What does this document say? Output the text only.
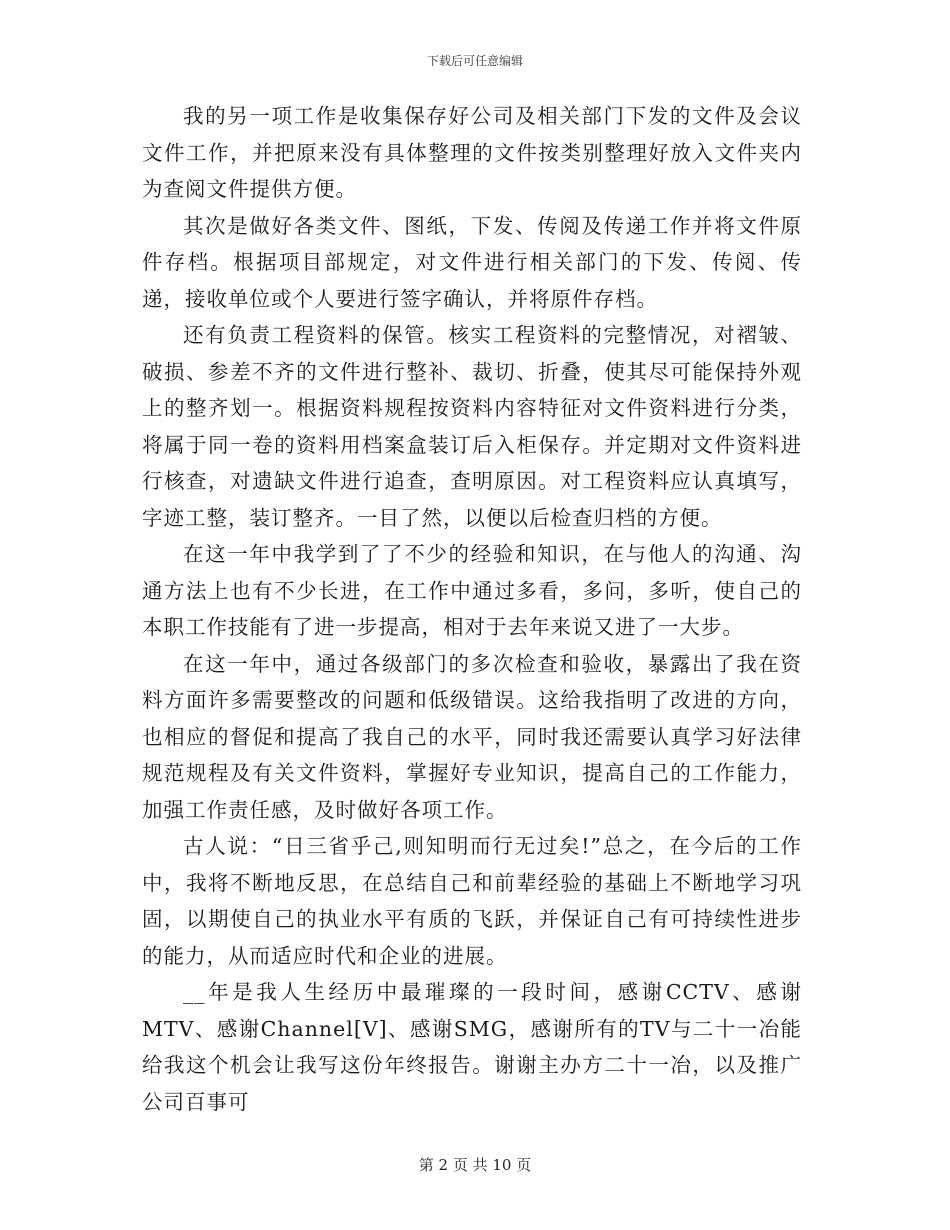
下载后可任意编辑

我的另一项工作是收集保存好公司及相关部门下发的文件及会议文件工作，并把原来没有具体整理的文件按类别整理好放入文件夹内为查阅文件提供方便。

其次是做好各类文件、图纸，下发、传阅及传递工作并将文件原件存档。根据项目部规定，对文件进行相关部门的下发、传阅、传递，接收单位或个人要进行签字确认，并将原件存档。

还有负责工程资料的保管。核实工程资料的完整情况，对褶皱、破损、参差不齐的文件进行整补、裁切、折叠，使其尽可能保持外观上的整齐划一。根据资料规程按资料内容特征对文件资料进行分类，将属于同一卷的资料用档案盒装订后入柜保存。并定期对文件资料进行核查，对遗缺文件进行追查，查明原因。对工程资料应认真填写，字迹工整，装订整齐。一目了然，以便以后检查归档的方便。

在这一年中我学到了了不少的经验和知识，在与他人的沟通、沟通方法上也有不少长进，在工作中通过多看，多问，多听，使自己的本职工作技能有了进一步提高，相对于去年来说又进了一大步。

在这一年中，通过各级部门的多次检查和验收，暴露出了我在资料方面许多需要整改的问题和低级错误。这给我指明了改进的方向，也相应的督促和提高了我自己的水平，同时我还需要认真学习好法律规范规程及有关文件资料，掌握好专业知识，提高自己的工作能力，加强工作责任感，及时做好各项工作。

古人说：“日三省乎己,则知明而行无过矣!”总之，在今后的工作中，我将不断地反思，在总结自己和前辈经验的基础上不断地学习巩固，以期使自己的执业水平有质的飞跃，并保证自己有可持续性进步的能力，从而适应时代和企业的进展。

__年是我人生经历中最璀璨的一段时间，感谢CCTV、感谢MTV、感谢Channel[V]、感谢SMG，感谢所有的TV与二十一冶能给我这个机会让我写这份年终报告。谢谢主办方二十一冶，以及推广公司百事可

第 2 页 共 10 页
